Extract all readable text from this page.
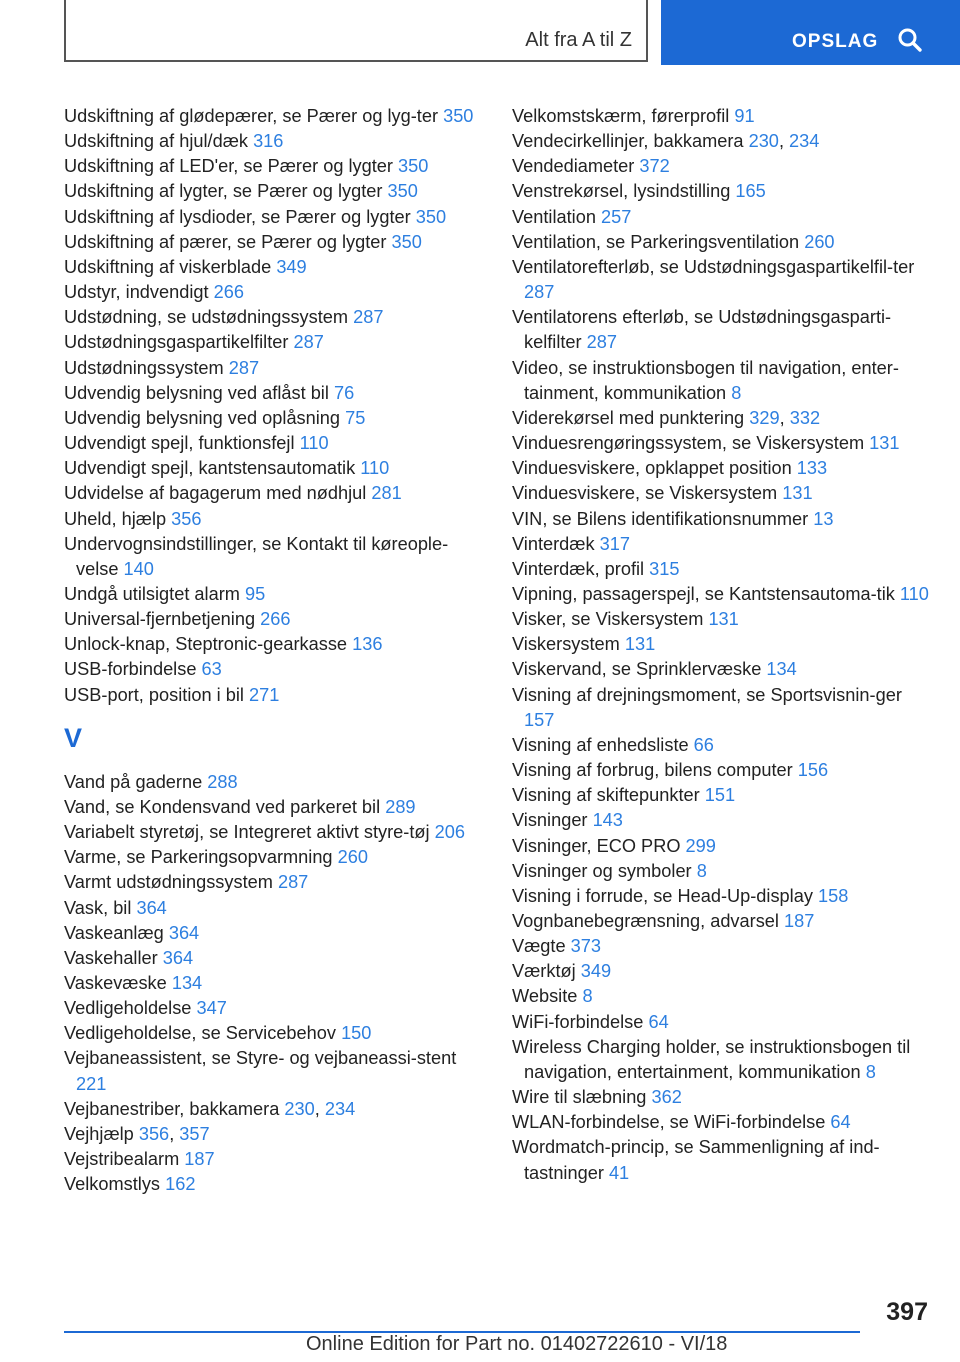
Alt fra A til Z	OPSLAG

Udskiftning af glødepærer, se Pærer og lyg-ter 350

Udskiftning af hjul/dæk 316

Udskiftning af LED'er, se Pærer og lygter 350

Udskiftning af lygter, se Pærer og lygter 350

Udskiftning af lysdioder, se Pærer og lygter 350

Udskiftning af pærer, se Pærer og lygter 350

Udskiftning af viskerblade 349

Udstyr, indvendigt 266

Udstødning, se udstødningssystem 287

Udstødningsgaspartikelfilter 287

Udstødningssystem 287

Udvendig belysning ved aflåst bil 76

Udvendig belysning ved oplåsning 75

Udvendigt spejl, funktionsfejl 110

Udvendigt spejl, kantstensautomatik 110

Udvidelse af bagagerum med nødhjul 281

Uheld, hjælp 356

Undervognsindstillinger, se Kontakt til køreople-velse 140

Undgå utilsigtet alarm 95

Universal-fjernbetjening 266

Unlock-knap, Steptronic-gearkasse 136

USB-forbindelse 63

USB-port, position i bil 271

V

Vand på gaderne 288

Vand, se Kondensvand ved parkeret bil 289

Variabelt styretøj, se Integreret aktivt styre-tøj 206

Varme, se Parkeringsopvarmning 260

Varmt udstødningssystem 287

Vask, bil 364

Vaskeanlæg 364

Vaskehaller 364

Vaskevæske 134

Vedligeholdelse 347

Vedligeholdelse, se Servicebehov 150

Vejbaneassistent, se Styre- og vejbaneassi-stent 221

Vejbanestriber, bakkamera 230, 234

Vejhjælp 356, 357

Vejstribealarm 187

Velkomstlys 162

Velkomstskærm, førerprofil 91

Vendecirkellinjer, bakkamera 230, 234

Vendediameter 372

Venstrekørsel, lysindstilling 165

Ventilation 257

Ventilation, se Parkeringsventilation 260

Ventilatorefterløb, se Udstødningsgaspartikelfil-ter 287

Ventilatorens efterløb, se Udstødningsgasparti-kelfilter 287

Video, se instruktionsbogen til navigation, enter-tainment, kommunikation 8

Viderekørsel med punktering 329, 332

Vinduesrengøringssystem, se Viskersystem 131

Vinduesviskere, opklappet position 133

Vinduesviskere, se Viskersystem 131

VIN, se Bilens identifikationsnummer 13

Vinterdæk 317

Vinterdæk, profil 315

Vipning, passagerspejl, se Kantstensautoma-tik 110

Visker, se Viskersystem 131

Viskersystem 131

Viskervand, se Sprinklervæske 134

Visning af drejningsmoment, se Sportsvisnin-ger 157

Visning af enhedsliste 66

Visning af forbrug, bilens computer 156

Visning af skiftepunkter 151

Visninger 143

Visninger, ECO PRO 299

Visninger og symboler 8

Visning i forrude, se Head-Up-display 158

Vognbanebegrænsning, advarsel 187

Vægte 373

Værktøj 349

Website 8

WiFi-forbindelse 64

Wireless Charging holder, se instruktionsbogen til navigation, entertainment, kommunikation 8

Wire til slæbning 362

WLAN-forbindelse, se WiFi-forbindelse 64

Wordmatch-princip, se Sammenligning af ind-tastninger 41

397
Online Edition for Part no. 01402722610 - VI/18
